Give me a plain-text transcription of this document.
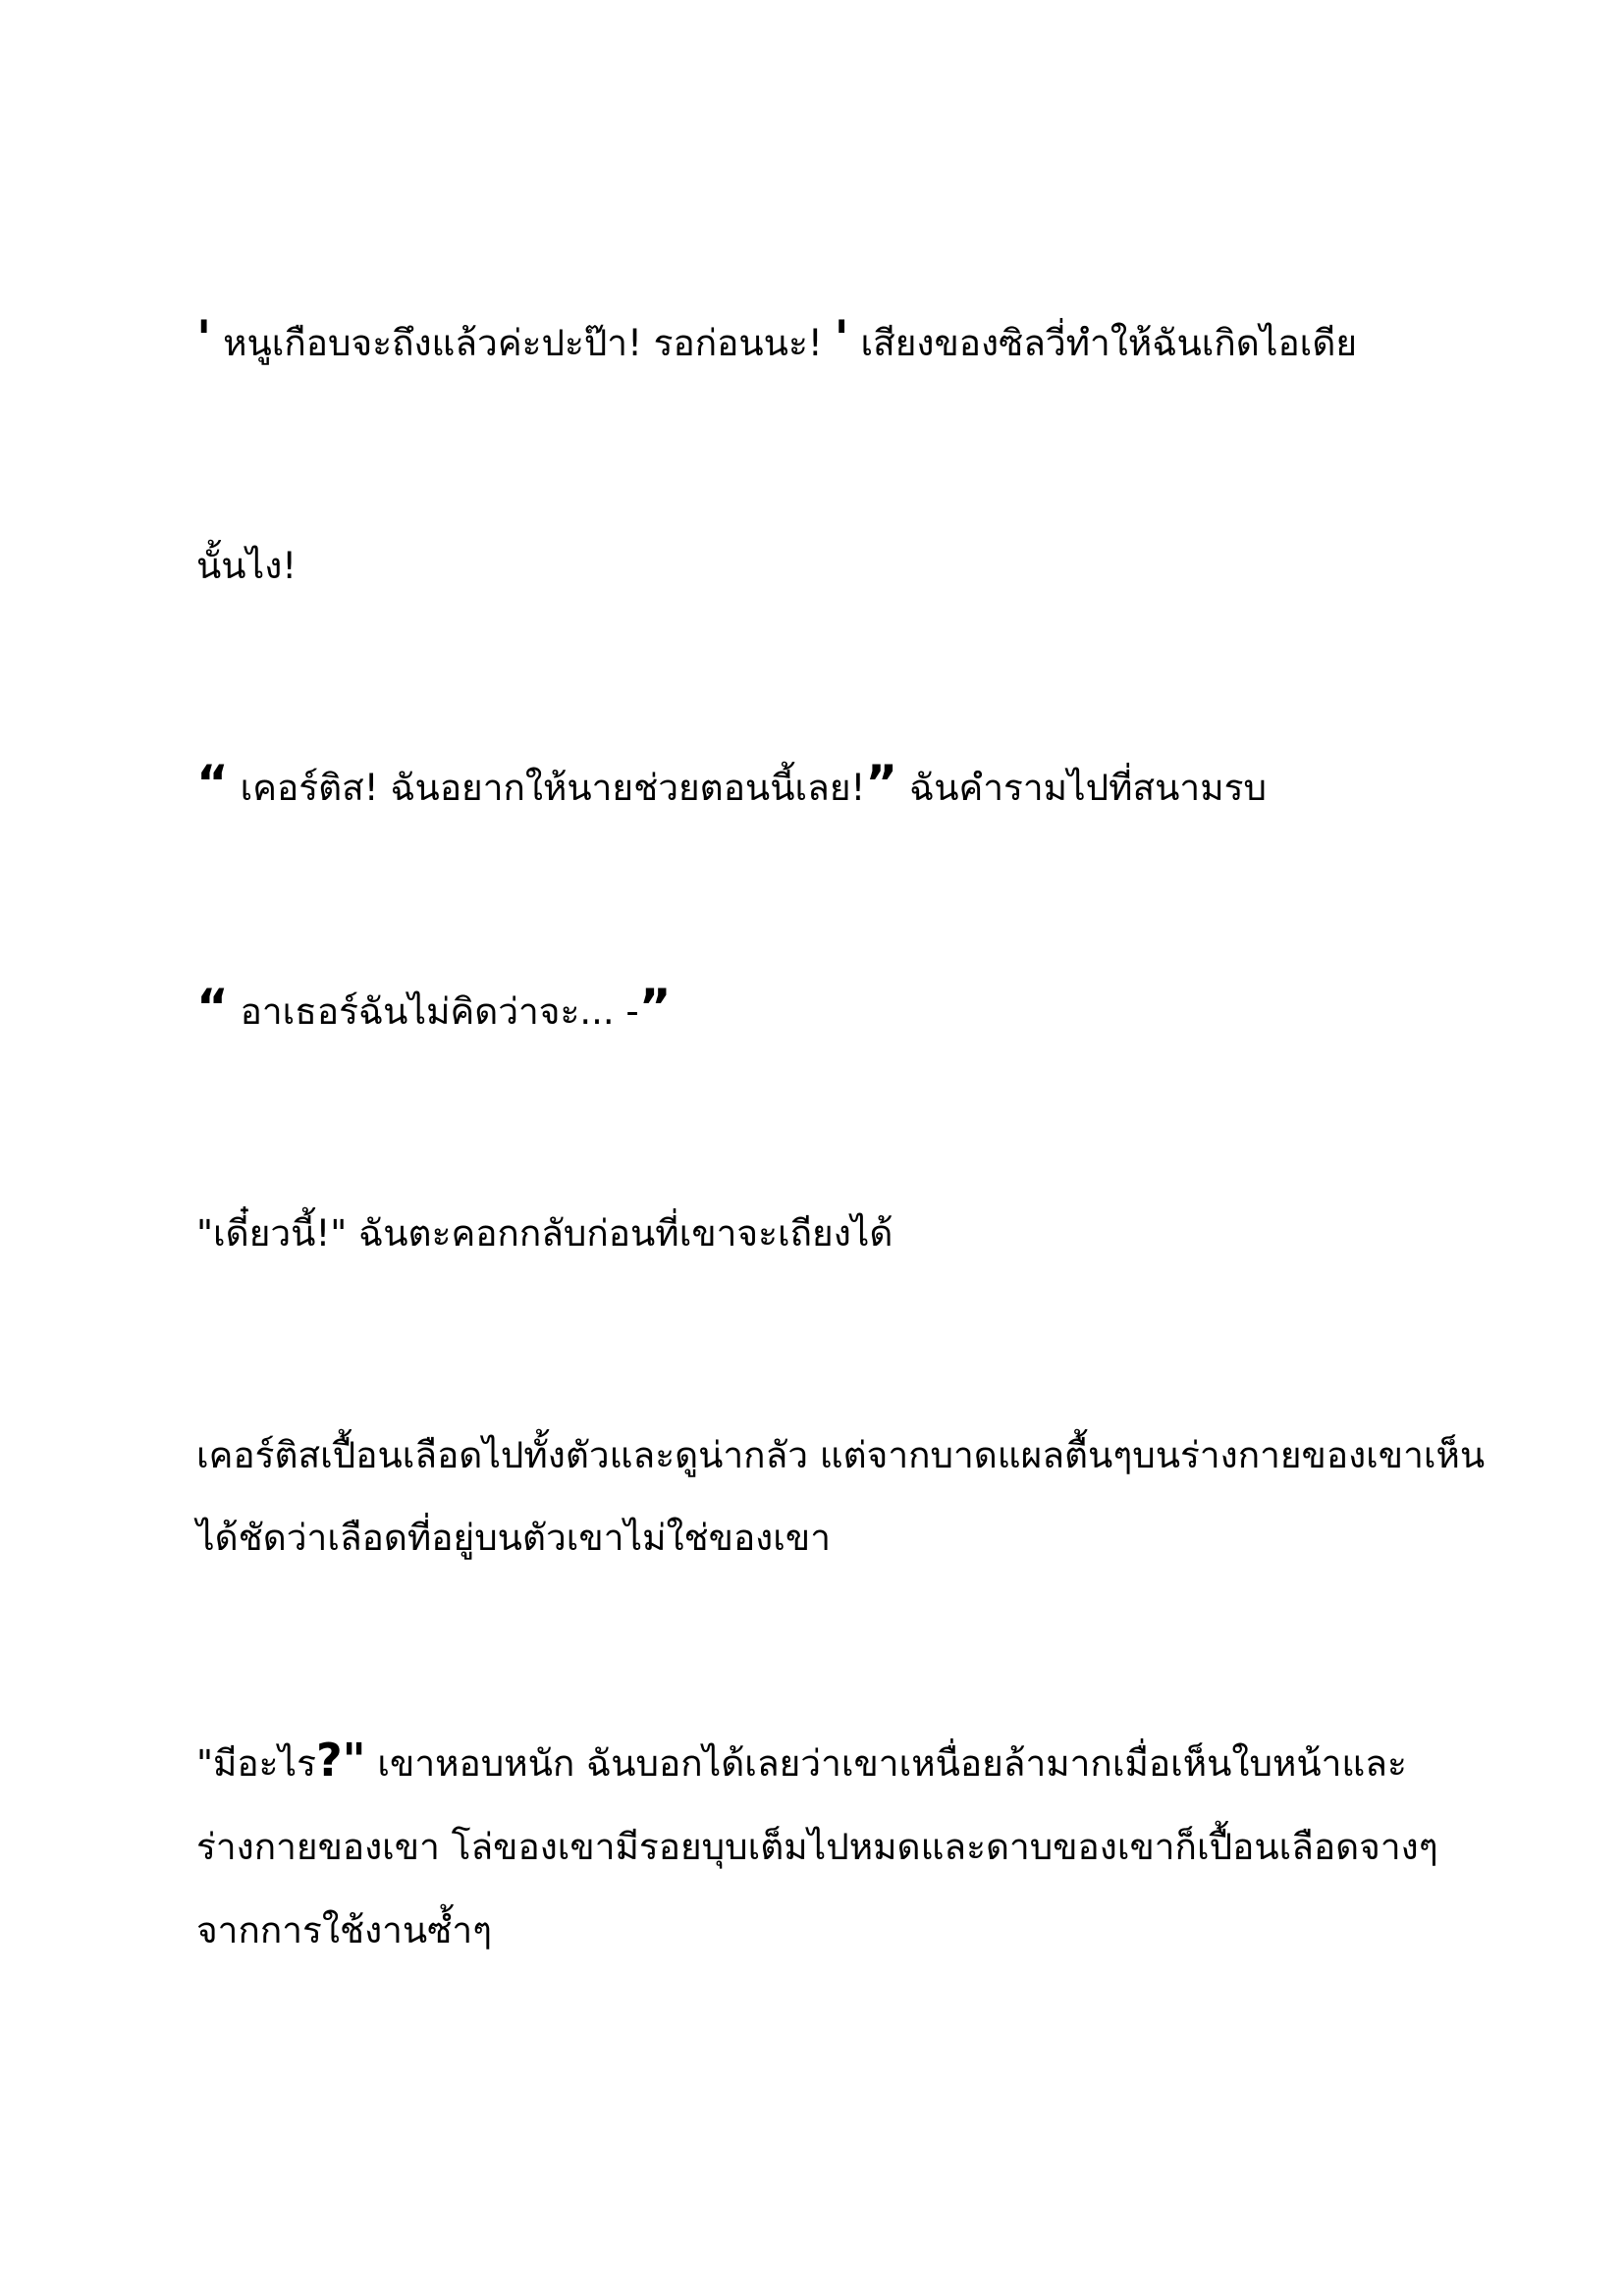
' หนูเกือบจะถึงแล้วค่ะปะป๊า! รอก่อนนะ! ' เสียงของซิลวี่ทำให้ฉันเกิดไอเดีย
นั้นไง!
“ เคอร์ติส! ฉันอยากให้นายช่วยตอนนี้เลย!” ฉันคำรามไปที่สนามรบ
“ อาเธอร์ฉันไม่คิดว่าจะ... -”
"เดี๋ยวนี้!" ฉันตะคอกกลับก่อนที่เขาจะเถียงได้
เคอร์ติสเปื้อนเลือดไปทั้งตัวและดูน่ากลัว แต่จากบาดแผลตื้นๆบนร่างกายของเขาเห็น
ได้ชัดว่าเลือดที่อยู่บนตัวเขาไม่ใช่ของเขา
"มีอะไร?" เขาหอบหนัก ฉันบอกได้เลยว่าเขาเหนื่อยล้ามากเมื่อเห็นใบหน้าและ
ร่างกายของเขา โล่ของเขามีรอยบุบเต็มไปหมดและดาบของเขาก็เปื้อนเลือดจางๆ
จากการใช้งานซ้ำๆ
